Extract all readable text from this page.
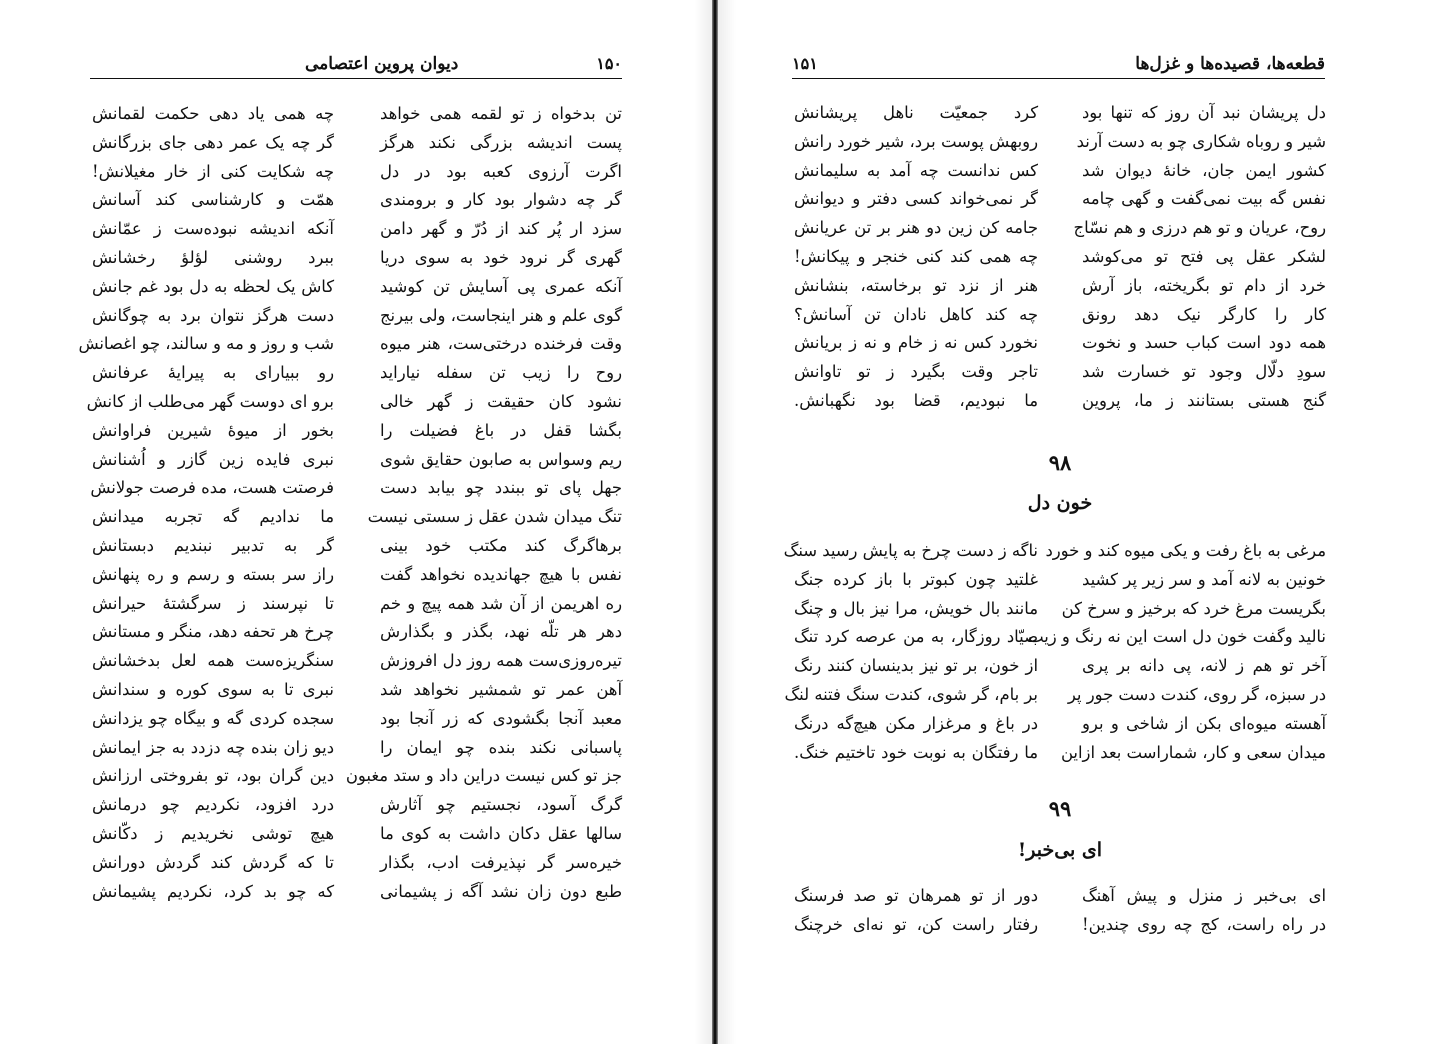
دیوان پروین اعتصامی	۱۵۰
تن بدخواه ز تو لقمه همی خواهد
پست اندیشه بزرگی نکند هرگز
اگرت آرزوی کعبه بود در دل
گر چه دشوار بود کار و برومندی
سزد ار پُر کند از دُرّ و گهر دامن
گهری گر نرود خود به سوی دریا
آنکه عمری پی آسایش تن کوشید
گوی علم و هنر اینجاست، ولی بیرنج
وقت فرخنده درختی‌ست، هنر میوه
روح را زیب تن سفله نیاراید
نشود کان حقیقت ز گهر خالی
بگشا قفل در باغ فضیلت را
ریم وسواس به صابون حقایق شوی
جهل پای تو ببندد چو بیابد دست
تنگ میدان شدن عقل ز سستی نیست
برهاگرگ کند مکتب خود بینی
نفس با هیچ جهاندیده نخواهد گفت
ره اهریمن از آن شد همه پیچ و خم
دهر هر تلّه نهد، بگذر و بگذارش
تیره‌روزی‌ست همه روز دل افروزش
آهن عمر تو شمشیر نخواهد شد
معبد آنجا بگشودی که زر آنجا بود
پاسبانی نکند بنده چو ایمان را
جز تو کس نیست دراین داد و ستد مغبون
گرگ آسود، نجستیم چو آثارش
سالها عقل دکان داشت به کوی ما
خیره‌سر گر نپذیرفت ادب، بگذار
طبع دون زان نشد آگه ز پشیمانی
چه همی یاد دهی حکمت لقمانش
گر چه یک عمر دهی جای بزرگانش
چه شکایت کنی از خار مغیلانش!
همّت و کارشناسی کند آسانش
آنکه اندیشه نبوده‌ست ز عمّانش
ببرد روشنی لؤلؤ رخشانش
کاش یک لحظه به دل بود غم جانش
دست هرگز نتوان برد به چوگانش
شب و روز و مه و سالند، چو اغصانش
رو ببیارای به پیرایهٔ عرفانش
برو ای دوست گهر می‌طلب از کانش
بخور از میوهٔ شیرین فراوانش
نبری فایده زین گازر و اُشنانش
فرصتت هست، مده فرصت جولانش
ما ندادیم گه تجربه میدانش
گر به تدبیر نبندیم دبستانش
راز سر بسته و رسم و ره پنهانش
تا نپرسند ز سرگشتهٔ حیرانش
چرخ هر تحفه دهد، منگر و مستانش
سنگریزه‌ست همه لعل بدخشانش
نبری تا به سوی کوره و سندانش
سجده کردی گه و بیگاه چو یزدانش
دیو زان بنده چه دزدد به جز ایمانش
دین گران بود، تو بفروختی ارزانش
درد افزود، نکردیم چو درمانش
هیچ توشی نخریدیم ز دکّانش
تا که گردش کند گردش دورانش
که چو بد کرد، نکردیم پشیمانش
۱۵۱	قطعه‌ها، قصیده‌ها و غزل‌ها
دل پریشان نبد آن روز که تنها بود
شیر و روباه شکاری چو به دست آرند
کشور ایمن جان، خانهٔ دیوان شد
نفس گه بیت نمی‌گفت و گهی چامه
روح، عریان و تو هم درزی و هم نسّاج
لشکر عقل پی فتح تو می‌کوشد
خرد از دام تو بگریخته، باز آرش
کار را کارگر نیک دهد رونق
همه دود است کباب حسد و نخوت
سودِ دلّال وجود تو خسارت شد
گنج هستی بستانند ز ما، پروین
کرد جمعیّت ناهل پریشانش
روبهش پوست برد، شیر خورد رانش
کس ندانست چه آمد به سلیمانش
گر نمی‌خواند کسی دفتر و دیوانش
جامه کن زین دو هنر بر تن عریانش
چه همی کند کنی خنجر و پیکانش!
هنر از نزد تو برخاسته، بنشانش
چه کند کاهل نادان تن آسانش؟
نخورد کس نه ز خام و نه ز بریانش
تاجر وقت بگیرد ز تو تاوانش
ما نبودیم، قضا بود نگهبانش.
۹۸
خون دل
مرغی به باغ رفت و یکی میوه کند و خورد
خونین به لانه آمد و سر زیر پر کشید
بگریست مرغ خرد که برخیز و سرخ کن
نالید وگفت خون دل است این نه رنگ و زیب
آخر تو هم ز لانه، پی دانه بر پری
در سبزه، گر روی، کندت دست جور پر
آهسته میوه‌ای بکن از شاخی و برو
میدان سعی و کار، شماراست بعد ازاین
ناگه ز دست چرخ به پایش رسید سنگ
غلتید چون کبوتر با باز کرده جنگ
مانند بال خویش، مرا نیز بال و چنگ
صیّاد روزگار، به من عرصه کرد تنگ
از خون، بر تو نیز بدینسان کنند رنگ
بر بام، گر شوی، کندت سنگ فتنه لنگ
در باغ و مرغزار مکن هیچ‌گه درنگ
ما رفتگان به نوبت خود تاختیم خنگ.
۹۹
ای بی‌خبر!
ای بی‌خبر ز منزل و پیش آهنگ
در راه راست، کج چه روی چندین!
دور از تو همرهان تو صد فرسنگ
رفتار راست کن، تو نه‌ای خرچنگ
